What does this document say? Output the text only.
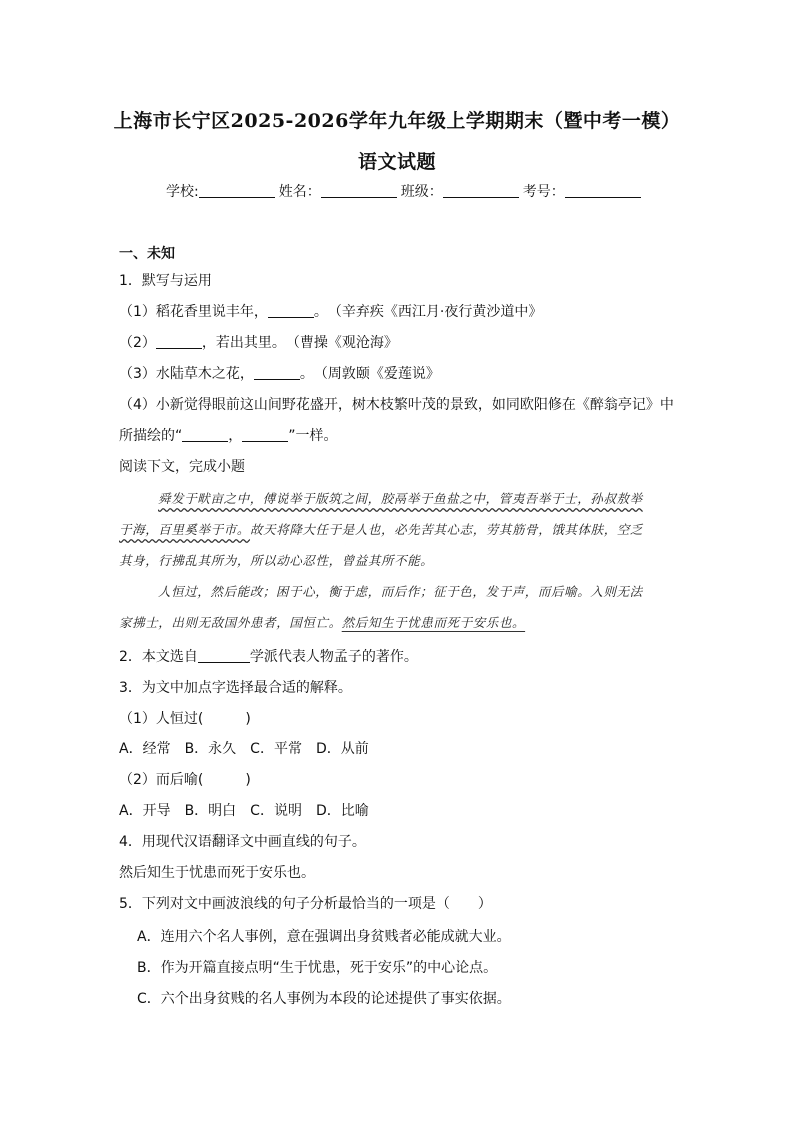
上海市长宁区2025-2026学年九年级上学期期末（暨中考一模）
语文试题
学校:	姓名：	班级：	考号：
一、未知
1．默写与运用
（1）稻花香里说丰年，	。　（辛弃疾《西江月·夜行黄沙道中》
（2）	，若出其里。　（曹操《观沧海》
（3）水陆草木之花，	。　（周敦颐《爱莲说》
（4）小新觉得眼前这山间野花盛开，树木枝繁叶茂的景致，如同欧阳修在《醉翁亭记》中
所描绘的“	，	”一样。
阅读下文，完成小题
舜发于畎亩之中，傅说举于版筑之间，胶鬲举于鱼盐之中，管夷吾举于士，孙叔敖举
于海，百里奚举于市。故天将降大任于是人也，必先苦其心志，劳其筋骨，饿其体肤，空乏
其身，行拂乱其所为，所以动心忍性，曾益其所不能。
人恒过，然后能改；困于心，衡于虑，而后作；征于色，发于声，而后喻。入则无法
家拂士，出则无敌国外患者，国恒亡。然后知生于忧患而死于安乐也。
2．本文选自	学派代表人物孟子的著作。
3．为文中加点字选择最合适的解释。
（1）人恒过(　　　)
A．经常　B．永久　C．平常　D．从前
（2）而后喻(　　　)
A．开导　B．明白　C．说明　D．比喻
4．用现代汉语翻译文中画直线的句子。
然后知生于忧患而死于安乐也。
5．下列对文中画波浪线的句子分析最恰当的一项是（　　）
A．连用六个名人事例，意在强调出身贫贱者必能成就大业。
B．作为开篇直接点明“生于忧患，死于安乐”的中心论点。
C．六个出身贫贱的名人事例为本段的论述提供了事实依据。
